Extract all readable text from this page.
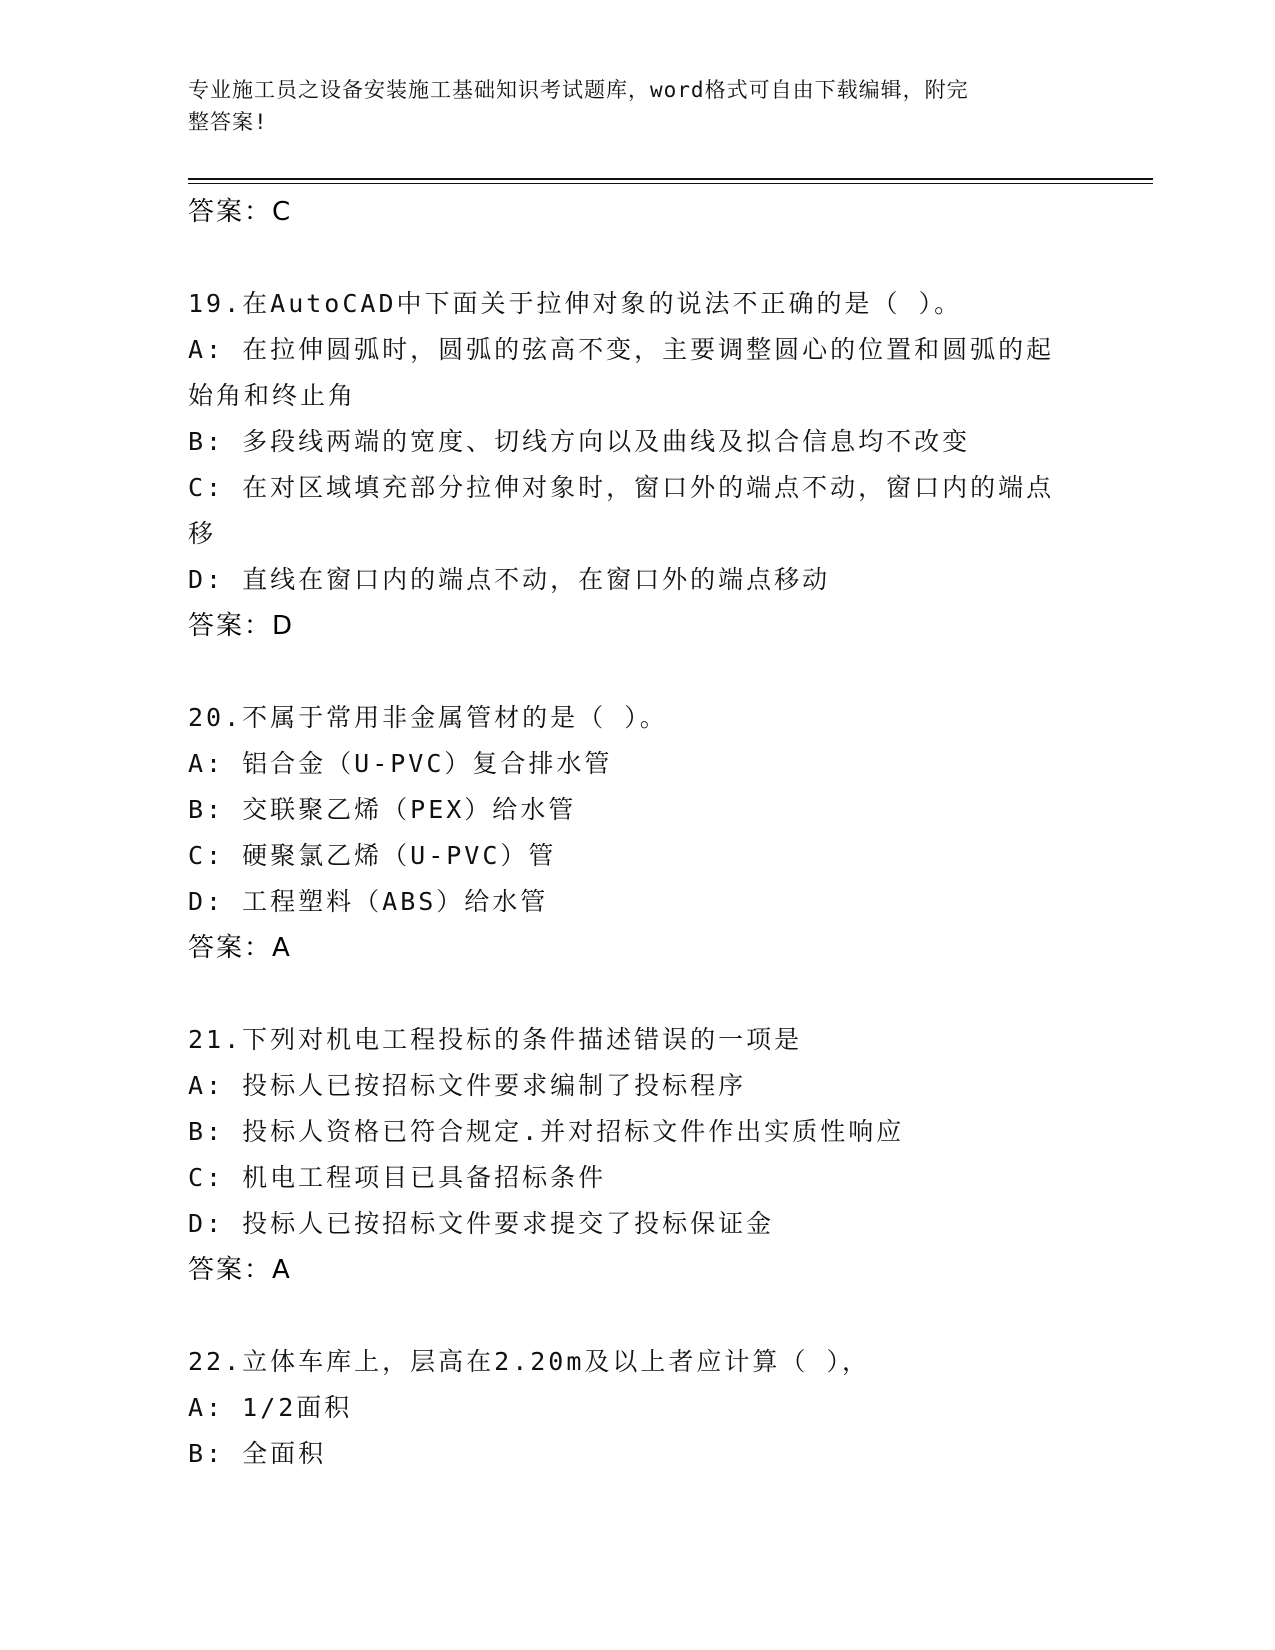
专业施工员之设备安装施工基础知识考试题库，word格式可自由下载编辑，附完
整答案!
答案：C
19.在AutoCAD中下面关于拉伸对象的说法不正确的是（ ）。
A: 在拉伸圆弧时，圆弧的弦高不变，主要调整圆心的位置和圆弧的起
始角和终止角
B: 多段线两端的宽度、切线方向以及曲线及拟合信息均不改变
C: 在对区域填充部分拉伸对象时，窗口外的端点不动，窗口内的端点
移
D: 直线在窗口内的端点不动，在窗口外的端点移动
答案：D
20.不属于常用非金属管材的是（ ）。
A: 铝合金（U-PVC）复合排水管
B: 交联聚乙烯（PEX）给水管
C: 硬聚氯乙烯（U-PVC）管
D: 工程塑料（ABS）给水管
答案：A
21.下列对机电工程投标的条件描述错误的一项是
A: 投标人已按招标文件要求编制了投标程序
B: 投标人资格已符合规定.并对招标文件作出实质性响应
C: 机电工程项目已具备招标条件
D: 投标人已按招标文件要求提交了投标保证金
答案：A
22.立体车库上，层高在2.20m及以上者应计算（ ），
A: 1/2面积
B: 全面积
